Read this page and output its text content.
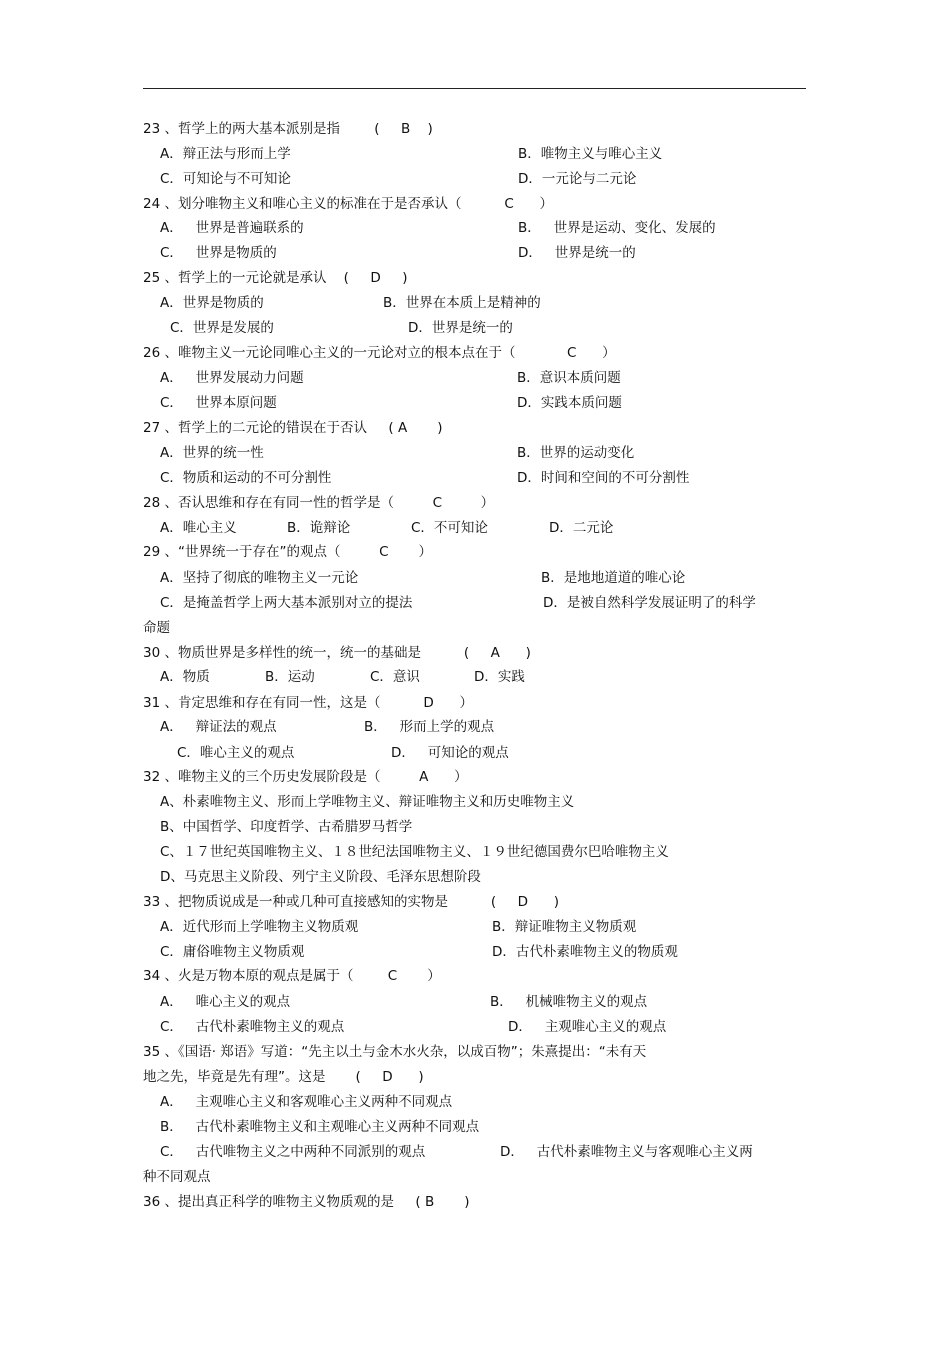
23 、哲学上的两大基本派别是指        (     B    )
A．辩正法与形而上学	B．唯物主义与唯心主义
C．可知论与不可知论	D．一元论与二元论
24 、划分唯物主义和唯心主义的标准在于是否承认（          C      ）
A．   世界是普遍联系的	B．   世界是运动、变化、发展的
C．   世界是物质的	D．   世界是统一的
25 、哲学上的一元论就是承认    (     D     )
A．世界是物质的	B．世界在本质上是精神的
C．世界是发展的	D．世界是统一的
26 、唯物主义一元论同唯心主义的一元论对立的根本点在于（            C      ）
A．   世界发展动力问题	B．意识本质问题
C．   世界本原问题	D．实践本质问题
27 、哲学上的二元论的错误在于否认     ( A       )
A．世界的统一性	B．世界的运动变化
C．物质和运动的不可分割性	D．时间和空间的不可分割性
28 、否认思维和存在有同一性的哲学是（         C         ）
A．唯心主义	B．诡辩论	C．不可知论	D．二元论
29 、“世界统一于存在”的观点（         C       ）
A．坚持了彻底的唯物主义一元论	B．是地地道道的唯心论
C．是掩盖哲学上两大基本派别对立的提法	D．是被自然科学发展证明了的科学
命题
30 、物质世界是多样性的统一，统一的基础是          (     A      )
A．物质	B．运动	C．意识	D．实践
31 、肯定思维和存在有同一性，这是（          D      ）
A．   辩证法的观点	B．   形而上学的观点
C．唯心主义的观点	D．   可知论的观点
32 、唯物主义的三个历史发展阶段是（         A      ）
A、朴素唯物主义、形而上学唯物主义、辩证唯物主义和历史唯物主义
B、中国哲学、印度哲学、古希腊罗马哲学
C、１７世纪英国唯物主义、１８世纪法国唯物主义、１９世纪德国费尔巴哈唯物主义
D、马克思主义阶段、列宁主义阶段、毛泽东思想阶段
33 、把物质说成是一种或几种可直接感知的实物是          (     D      )
A．近代形而上学唯物主义物质观	B．辩证唯物主义物质观
C．庸俗唯物主义物质观	D．古代朴素唯物主义的物质观
34 、火是万物本原的观点是属于（        C       ）
A．   唯心主义的观点	B．   机械唯物主义的观点
C．   古代朴素唯物主义的观点	D．   主观唯心主义的观点
35 、《国语· 郑语》写道：“先主以土与金木水火杂，以成百物”；朱熹提出：“未有天
地之先，毕竟是先有理”。这是       (     D      )
A．   主观唯心主义和客观唯心主义两种不同观点
B．   古代朴素唯物主义和主观唯心主义两种不同观点
C．   古代唯物主义之中两种不同派别的观点	D．   古代朴素唯物主义与客观唯心主义两
种不同观点
36 、提出真正科学的唯物主义物质观的是     ( B       )
